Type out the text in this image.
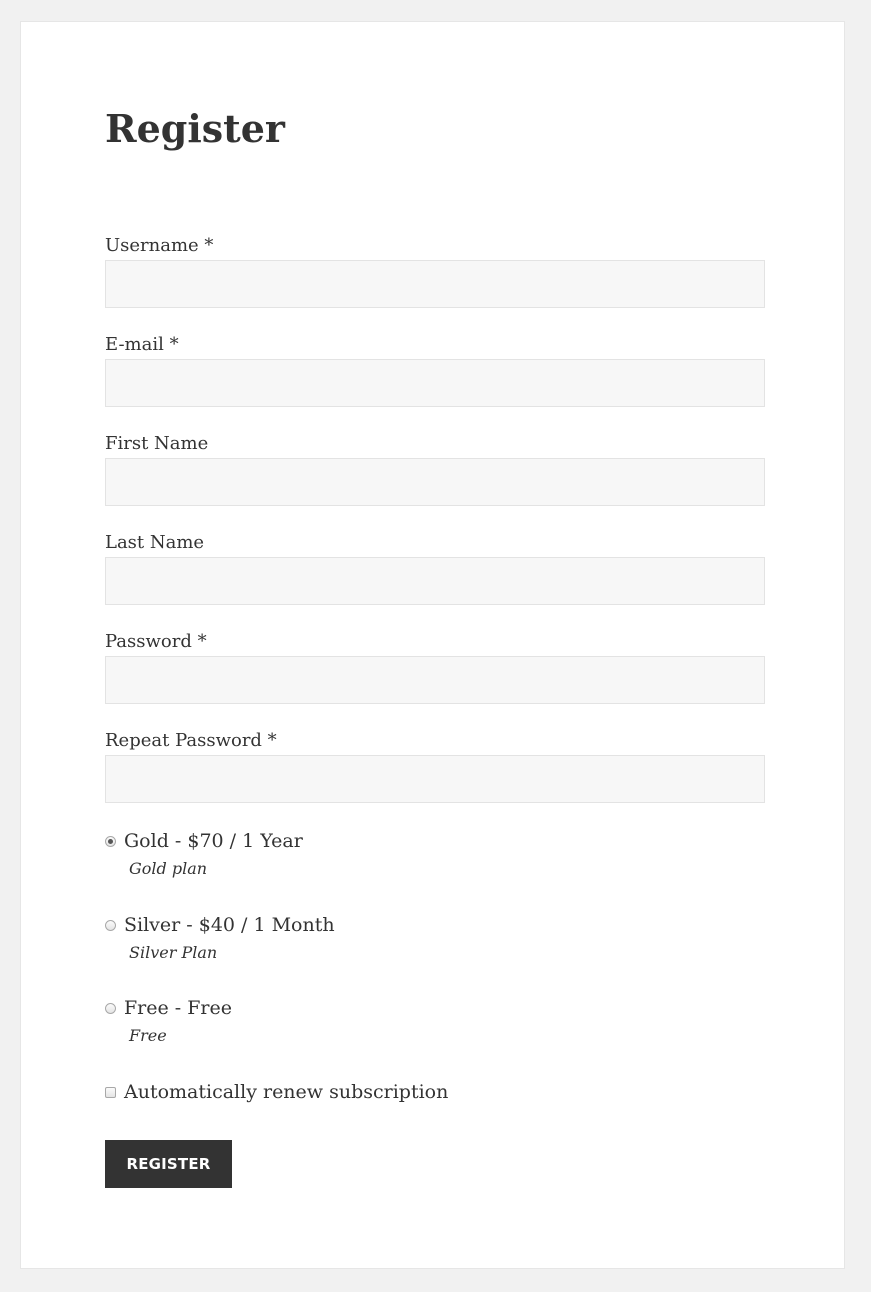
Register
Username *
E-mail *
First Name
Last Name
Password *
Repeat Password *
Gold - $70 / 1 Year
Gold plan
Silver - $40 / 1 Month
Silver Plan
Free - Free
Free
Automatically renew subscription
REGISTER
